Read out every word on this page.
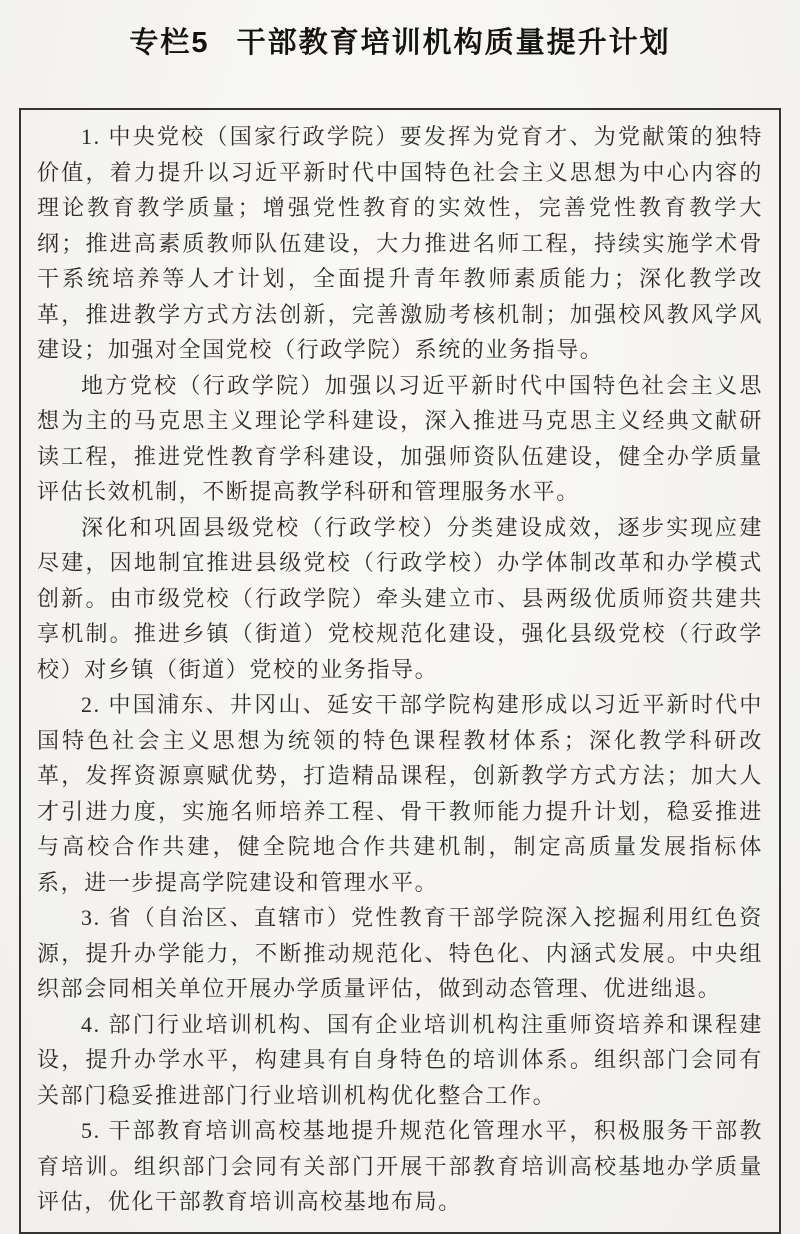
专栏5 干部教育培训机构质量提升计划

1. 中央党校（国家行政学院）要发挥为党育才、为党献策的独特价值，着力提升以习近平新时代中国特色社会主义思想为中心内容的理论教育教学质量；增强党性教育的实效性，完善党性教育教学大纲；推进高素质教师队伍建设，大力推进名师工程，持续实施学术骨干系统培养等人才计划，全面提升青年教师素质能力；深化教学改革，推进教学方式方法创新，完善激励考核机制；加强校风教风学风建设；加强对全国党校（行政学院）系统的业务指导。

地方党校（行政学院）加强以习近平新时代中国特色社会主义思想为主的马克思主义理论学科建设，深入推进马克思主义经典文献研读工程，推进党性教育学科建设，加强师资队伍建设，健全办学质量评估长效机制，不断提高教学科研和管理服务水平。

深化和巩固县级党校（行政学校）分类建设成效，逐步实现应建尽建，因地制宜推进县级党校（行政学校）办学体制改革和办学模式创新。由市级党校（行政学院）牵头建立市、县两级优质师资共建共享机制。推进乡镇（街道）党校规范化建设，强化县级党校（行政学校）对乡镇（街道）党校的业务指导。

2. 中国浦东、井冈山、延安干部学院构建形成以习近平新时代中国特色社会主义思想为统领的特色课程教材体系；深化教学科研改革，发挥资源禀赋优势，打造精品课程，创新教学方式方法；加大人才引进力度，实施名师培养工程、骨干教师能力提升计划，稳妥推进与高校合作共建，健全院地合作共建机制，制定高质量发展指标体系，进一步提高学院建设和管理水平。

3. 省（自治区、直辖市）党性教育干部学院深入挖掘利用红色资源，提升办学能力，不断推动规范化、特色化、内涵式发展。中央组织部会同相关单位开展办学质量评估，做到动态管理、优进绌退。

4. 部门行业培训机构、国有企业培训机构注重师资培养和课程建设，提升办学水平，构建具有自身特色的培训体系。组织部门会同有关部门稳妥推进部门行业培训机构优化整合工作。

5. 干部教育培训高校基地提升规范化管理水平，积极服务干部教育培训。组织部门会同有关部门开展干部教育培训高校基地办学质量评估，优化干部教育培训高校基地布局。
